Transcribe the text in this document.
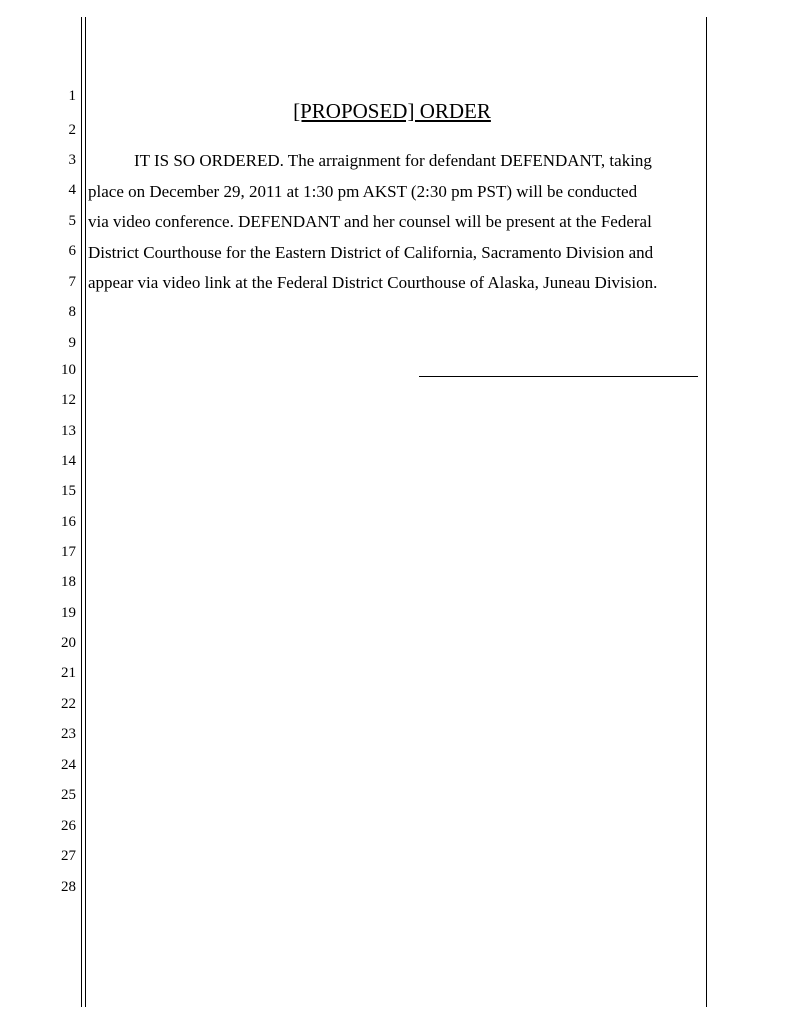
1
2
3
4
5
6
7
8
9
10
12
13
14
15
16
17
18
19
20
21
22
23
24
25
26
27
28
[PROPOSED] ORDER
IT IS SO ORDERED. The arraignment for defendant DEFENDANT, taking
place on December 29, 2011 at 1:30 pm AKST (2:30 pm PST) will be conducted
via video conference. DEFENDANT and her counsel will be present at the Federal
District Courthouse for the Eastern District of California, Sacramento Division and
appear via video link at the Federal District Courthouse of Alaska, Juneau Division.
